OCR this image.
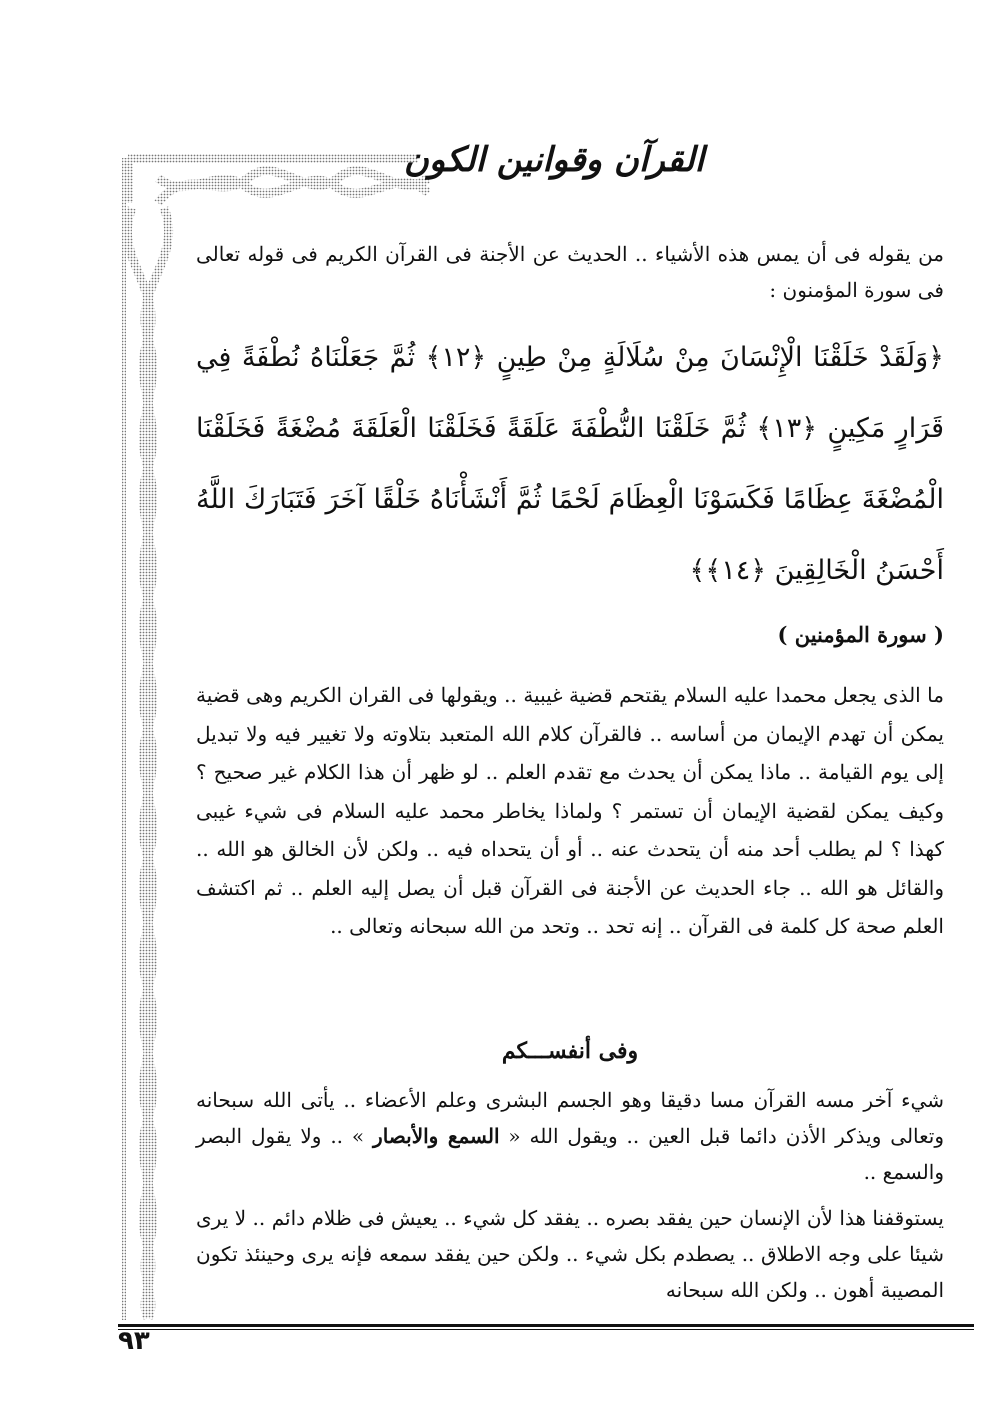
القرآن وقوانين الكون
من يقوله فى أن يمس هذه الأشياء .. الحديث عن الأجنة فى القرآن الكريم فى قوله تعالى فى سورة المؤمنون :
﴿وَلَقَدْ خَلَقْنَا الْإِنْسَانَ مِنْ سُلَالَةٍ مِنْ طِينٍ ﴿١٢﴾ ثُمَّ جَعَلْنَاهُ نُطْفَةً فِي قَرَارٍ مَكِينٍ ﴿١٣﴾ ثُمَّ خَلَقْنَا النُّطْفَةَ عَلَقَةً فَخَلَقْنَا الْعَلَقَةَ مُضْغَةً فَخَلَقْنَا الْمُضْغَةَ عِظَامًا فَكَسَوْنَا الْعِظَامَ لَحْمًا ثُمَّ أَنْشَأْنَاهُ خَلْقًا آخَرَ فَتَبَارَكَ اللَّهُ أَحْسَنُ الْخَالِقِينَ ﴿١٤﴾﴾
( سورة المؤمنين )
ما الذى يجعل محمدا عليه السلام يقتحم قضية غيبية .. ويقولها فى القران الكريم وهى قضية يمكن أن تهدم الإيمان من أساسه .. فالقرآن كلام الله المتعبد بتلاوته ولا تغيير فيه ولا تبديل إلى يوم القيامة .. ماذا يمكن أن يحدث مع تقدم العلم .. لو ظهر أن هذا الكلام غير صحيح ؟ وكيف يمكن لقضية الإيمان أن تستمر ؟ ولماذا يخاطر محمد عليه السلام فى شيء غيبى كهذا ؟ لم يطلب أحد منه أن يتحدث عنه .. أو أن يتحداه فيه .. ولكن لأن الخالق هو الله .. والقائل هو الله .. جاء الحديث عن الأجنة فى القرآن قبل أن يصل إليه العلم .. ثم اكتشف العلم صحة كل كلمة فى القرآن .. إنه تحد .. وتحد من الله سبحانه وتعالى ..
وفى أنفســـكم
شيء آخر مسه القرآن مسا دقيقا وهو الجسم البشرى وعلم الأعضاء .. يأتى الله سبحانه وتعالى ويذكر الأذن دائما قبل العين .. ويقول الله « السمع والأبصار » .. ولا يقول البصر والسمع ..
يستوقفنا هذا لأن الإنسان حين يفقد بصره .. يفقد كل شيء .. يعيش فى ظلام دائم .. لا يرى شيئا على وجه الاطلاق .. يصطدم بكل شيء .. ولكن حين يفقد سمعه فإنه يرى وحينئذ تكون المصيبة أهون .. ولكن الله سبحانه
٩٣
